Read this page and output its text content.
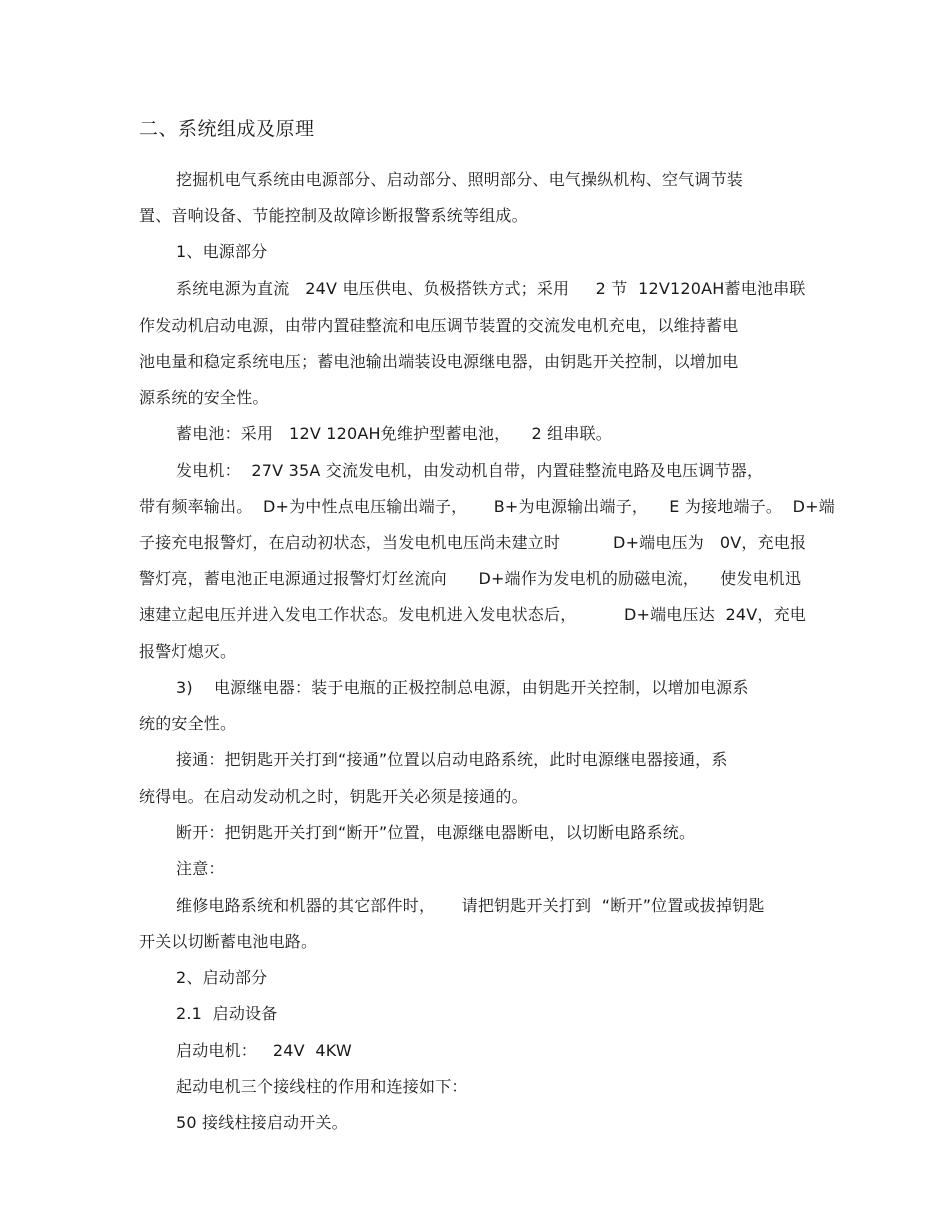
二、系统组成及原理
挖掘机电气系统由电源部分、启动部分、照明部分、电气操纵机构、空气调节装
置、音响设备、节能控制及故障诊断报警系统等组成。
1、电源部分
系统电源为直流   24V 电压供电、负极搭铁方式；采用     2 节  12V120AH蓄电池串联
作发动机启动电源，由带内置硅整流和电压调节装置的交流发电机充电，以维持蓄电
池电量和稳定系统电压；蓄电池输出端装设电源继电器，由钥匙开关控制，以增加电
源系统的安全性。
蓄电池：采用   12V 120AH免维护型蓄电池，    2 组串联。
发电机：  27V 35A 交流发电机，由发动机自带，内置硅整流电路及电压调节器，
带有频率输出。  D+为中性点电压输出端子，     B+为电源输出端子，    E 为接地端子。  D+端
子接充电报警灯，在启动初状态，当发电机电压尚未建立时          D+端电压为   0V，充电报
警灯亮，蓄电池正电源通过报警灯灯丝流向      D+端作为发电机的励磁电流，    使发电机迅
速建立起电压并进入发电工作状态。发电机进入发电状态后，         D+端电压达  24V，充电
报警灯熄灭。
3)    电源继电器：装于电瓶的正极控制总电源，由钥匙开关控制，以增加电源系
统的安全性。
接通：把钥匙开关打到“接通”位置以启动电路系统，此时电源继电器接通，系
统得电。在启动发动机之时，钥匙开关必须是接通的。
断开：把钥匙开关打到“断开”位置，电源继电器断电，以切断电路系统。
注意：
维修电路系统和机器的其它部件时，     请把钥匙开关打到  “断开”位置或拔掉钥匙
开关以切断蓄电池电路。
2、启动部分
2.1  启动设备
启动电机：   24V  4KW
起动电机三个接线柱的作用和连接如下：
50 接线柱接启动开关。
